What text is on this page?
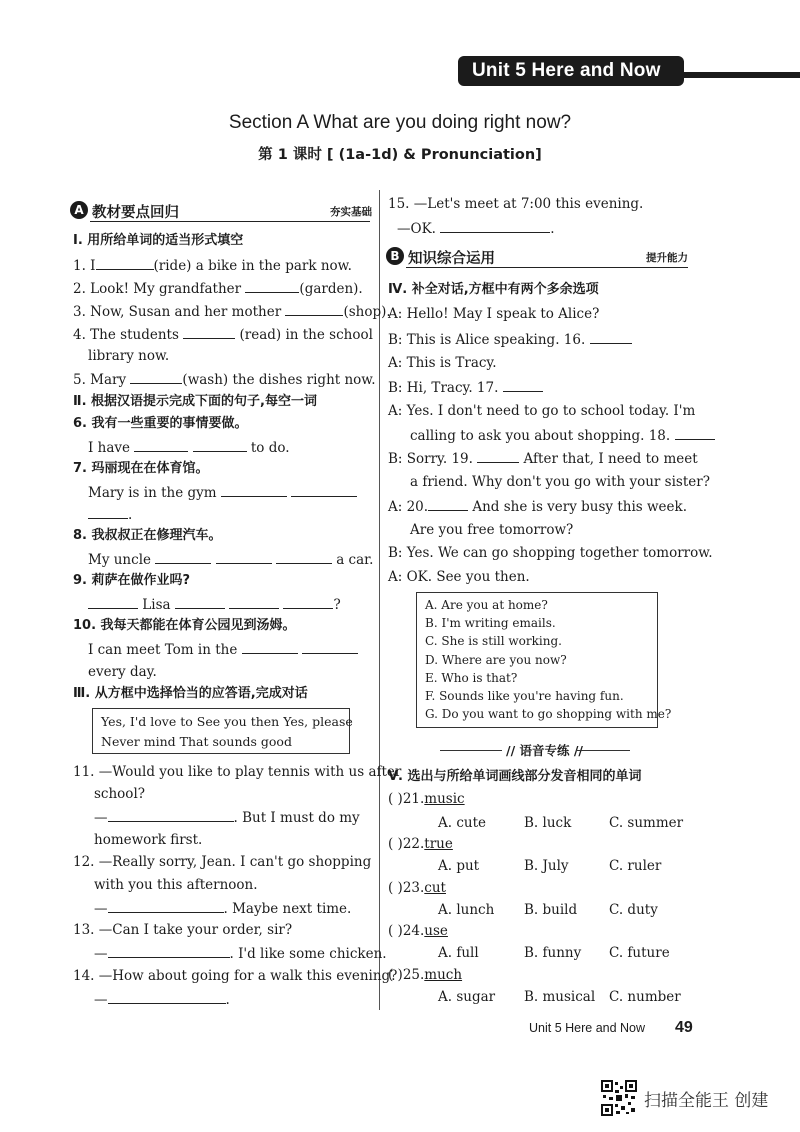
Unit 5 Here and Now
Section A What are you doing right now?
第 1 课时 [ (1a-1d) & Pronunciation]
A 教材要点回归	夯实基础
Ⅰ. 用所给单词的适当形式填空
1. I	(ride) a bike in the park now.
2. Look! My grandfather	(garden).
3. Now, Susan and her mother	(shop).
4. The students	(read) in the school
library now.
5. Mary	(wash) the dishes right now.
Ⅱ. 根据汉语提示完成下面的句子,每空一词
6. 我有一些重要的事情要做。
I have	to do.
7. 玛丽现在在体育馆。
Mary is in the gym
.
8. 我叔叔正在修理汽车。
My uncle	a car.
9. 莉萨在做作业吗?
Lisa	?
10. 我每天都能在体育公园见到汤姆。
I can meet Tom in the
every day.
Ⅲ. 从方框中选择恰当的应答语,完成对话
Yes, I'd love to See you then Yes, please
Never mind That sounds good
11. —Would you like to play tennis with us after
school?
—	. But I must do my
homework first.
12. —Really sorry, Jean. I can't go shopping
with you this afternoon.
—	. Maybe next time.
13. —Can I take your order, sir?
—	. I'd like some chicken.
14. —How about going for a walk this evening?
—	.
15. —Let's meet at 7:00 this evening.
—OK.	.
B 知识综合运用	提升能力
Ⅳ. 补全对话,方框中有两个多余选项
A: Hello! May I speak to Alice?
B: This is Alice speaking. 16.
A: This is Tracy.
B: Hi, Tracy. 17.
A: Yes. I don't need to go to school today. I'm
calling to ask you about shopping. 18.
B: Sorry. 19.	After that, I need to meet
a friend. Why don't you go with your sister?
A: 20.	And she is very busy this week.
Are you free tomorrow?
B: Yes. We can go shopping together tomorrow.
A: OK. See you then.
A. Are you at home?
B. I'm writing emails.
C. She is still working.
D. Where are you now?
E. Who is that?
F. Sounds like you're having fun.
G. Do you want to go shopping with me?
// 语音专练 //
Ⅴ. 选出与所给单词画线部分发音相同的单词
( )21.music
A. cute	B. luck	C. summer
( )22.true
A. put	B. July	C. ruler
( )23.cut
A. lunch B. build C. duty
( )24.use
A. full	B. funny C. future
( )25.much
A. sugar B. musical C. number
Unit 5 Here and Now 49
扫描全能王 创建
